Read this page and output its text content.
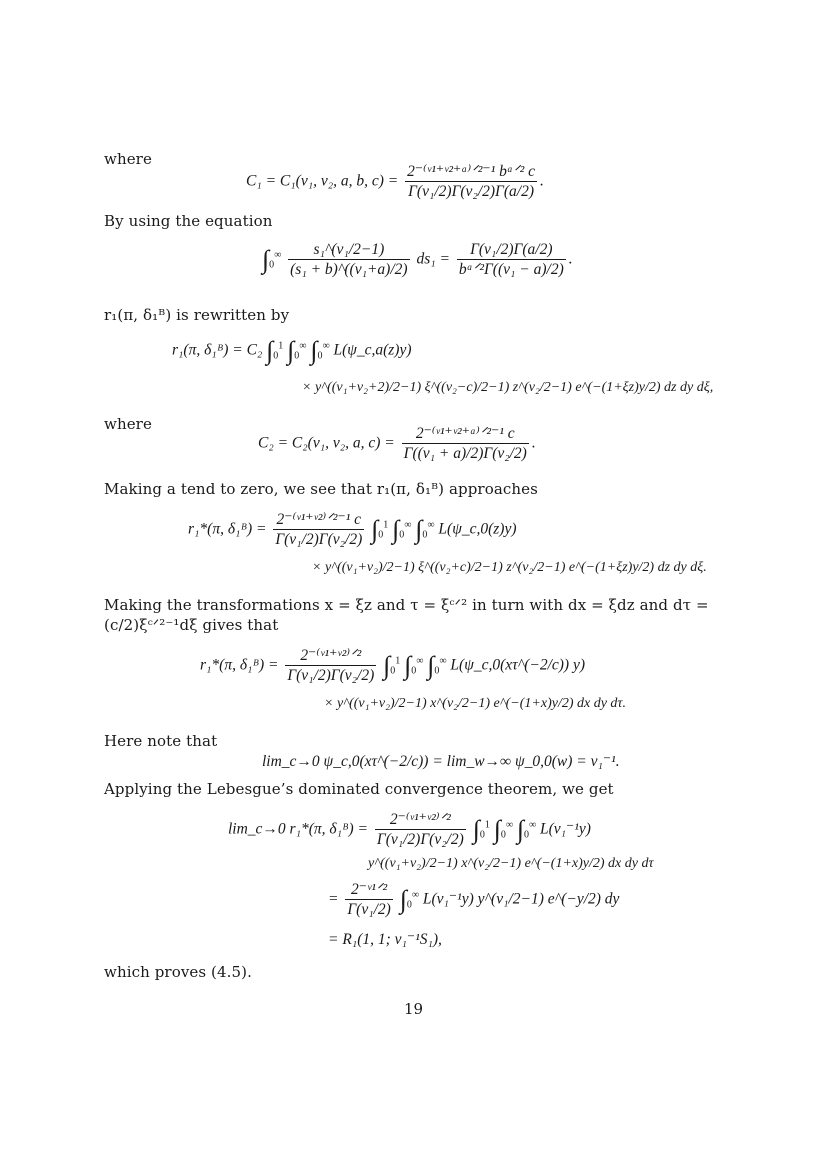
where
C₁ = C₁(ν₁, ν₂, a, b, $c) = \frac{\text{2⁻⁽ᵛ¹⁺ᵛ²⁺ᵃ⁾ᐟ²⁻¹ bᵃᐟ² c}}{\text{Γ(ν₁/2)Γ(ν₂/2)Γ(a/2)}}$ .
By using the equation
$\int_0^\infty \frac{\text{s₁\textasciicircum{}(ν₁/2−1)}}{\text{(s₁ + b)\textasciicircum{}((ν₁+a)/2)}} ds_1 = \frac{\text{Γ(ν₁/2)Γ(a/2)}}{\text{bᵃᐟ²Γ((ν₁ − a)/2)}}$ .
r₁(π, δ₁ᴮ) is rewritten by
r₁(π, δ₁ᴮ) = C₂ $\int_0^1$ $\int_0^\infty$ $\int_0^\infty$ L(ψ_c,a(z)y)
× y^((ν₁+ν₂+2)/2−1) ξ^((ν₂−c)/2−1) z^(ν₂/2−1) e^(−(1+ξz)y/2) dz dy dξ,
where
C₂ = C₂(ν₁, ν₂, a, $c) = \frac{\text{2⁻⁽ᵛ¹⁺ᵛ²⁺ᵃ⁾ᐟ²⁻¹ c}}{\text{Γ((ν₁ + a)/2)Γ(ν₂/2)}}$ .
Making a tend to zero, we see that r₁(π, δ₁ᴮ) approaches
r₁*(π, δ₁ᴮ) = $\frac{\text{2⁻⁽ᵛ¹⁺ᵛ²⁾ᐟ²⁻¹ c}}{\text{Γ(ν₁/2)Γ(ν₂/2)}} \int_0^1$ $\int_0^\infty$ $\int_0^\infty$ L(ψ_c,0(z)y)
× y^((ν₁+ν₂)/2−1) ξ^((ν₂+c)/2−1) z^(ν₂/2−1) e^(−(1+ξz)y/2) dz dy dξ.
Making the transformations x = ξz and τ = ξᶜᐟ² in turn with dx = ξdz and dτ =
(c/2)ξᶜᐟ²⁻¹dξ gives that
r₁*(π, δ₁ᴮ) = $\frac{\text{2⁻⁽ᵛ¹⁺ᵛ²⁾ᐟ²}}{\text{Γ(ν₁/2)Γ(ν₂/2)}} \int_0^1$ $\int_0^\infty$ $\int_0^\infty$ L(ψ_c,0(xτ^(−2/c)) y)
× y^((ν₁+ν₂)/2−1) x^(ν₂/2−1) e^(−(1+x)y/2) dx dy dτ.
Here note that
lim_c→0 ψ_c,0(xτ^(−2/c)) = lim_w→∞ ψ_0,0(w) = ν₁⁻¹.
Applying the Lebesgue’s dominated convergence theorem, we get
lim_c→0 r₁*(π, δ₁ᴮ) = $\frac{\text{2⁻⁽ᵛ¹⁺ᵛ²⁾ᐟ²}}{\text{Γ(ν₁/2)Γ(ν₂/2)}} \int_0^1$ $\int_0^\infty$ $\int_0^\infty$ L(ν₁⁻¹y)
y^((ν₁+ν₂)/2−1) x^(ν₂/2−1) e^(−(1+x)y/2) dx dy dτ
= $\frac{\text{2⁻ᵛ¹ᐟ²}}{\text{Γ(ν₁/2)}} \int_0^\infty$ L(ν₁⁻¹y) y^(ν₁/2−1) e^(−y/2) dy
= R₁(1, 1; ν₁⁻¹S₁),
which proves (4.5).
19
